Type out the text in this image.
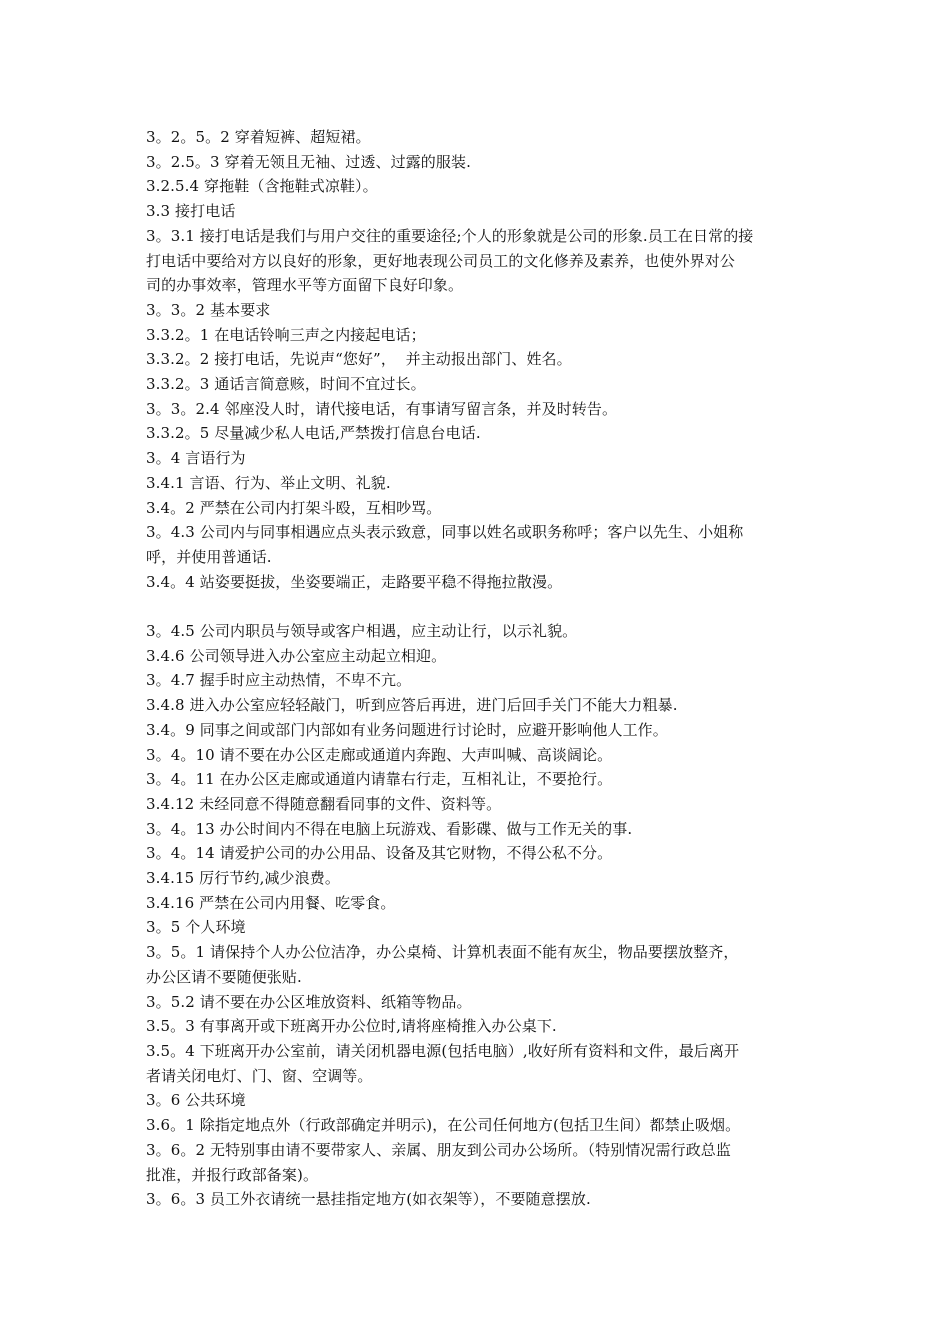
3。2。5。2 穿着短裤、超短裙。
3。2.5。3 穿着无领且无袖、过透、过露的服装.
3.2.5.4 穿拖鞋（含拖鞋式凉鞋）。
3.3 接打电话
3。3.1 接打电话是我们与用户交往的重要途径;个人的形象就是公司的形象.员工在日常的接
打电话中要给对方以良好的形象，更好地表现公司员工的文化修养及素养，也使外界对公
司的办事效率，管理水平等方面留下良好印象。
3。3。2 基本要求
3.3.2。1 在电话铃响三声之内接起电话；
3.3.2。2 接打电话，先说声“您好”，  并主动报出部门、姓名。
3.3.2。3 通话言简意赅，时间不宜过长。
3。3。2.4 邻座没人时，请代接电话，有事请写留言条，并及时转告。
3.3.2。5 尽量减少私人电话,严禁拨打信息台电话.
3。4 言语行为
3.4.1 言语、行为、举止文明、礼貌.
3.4。2 严禁在公司内打架斗殴，互相吵骂。
3。4.3 公司内与同事相遇应点头表示致意，同事以姓名或职务称呼；客户以先生、小姐称
呼，并使用普通话.
3.4。4 站姿要挺拔，坐姿要端正，走路要平稳不得拖拉散漫。
3。4.5 公司内职员与领导或客户相遇，应主动让行，以示礼貌。
3.4.6 公司领导进入办公室应主动起立相迎。
3。4.7 握手时应主动热情，不卑不亢。
3.4.8 进入办公室应轻轻敲门，听到应答后再进，进门后回手关门不能大力粗暴.
3.4。9 同事之间或部门内部如有业务问题进行讨论时，应避开影响他人工作。
3。4。10 请不要在办公区走廊或通道内奔跑、大声叫喊、高谈阔论。
3。4。11 在办公区走廊或通道内请靠右行走，互相礼让，不要抢行。
3.4.12 未经同意不得随意翻看同事的文件、资料等。
3。4。13 办公时间内不得在电脑上玩游戏、看影碟、做与工作无关的事.
3。4。14 请爱护公司的办公用品、设备及其它财物，不得公私不分。
3.4.15 厉行节约,减少浪费。
3.4.16 严禁在公司内用餐、吃零食。
3。5 个人环境
3。5。1 请保持个人办公位洁净，办公桌椅、计算机表面不能有灰尘，物品要摆放整齐，
办公区请不要随便张贴.
3。5.2 请不要在办公区堆放资料、纸箱等物品。
3.5。3 有事离开或下班离开办公位时,请将座椅推入办公桌下.
3.5。4 下班离开办公室前，请关闭机器电源(包括电脑）,收好所有资料和文件，最后离开
者请关闭电灯、门、窗、空调等。
3。6 公共环境
3.6。1 除指定地点外（行政部确定并明示)，在公司任何地方(包括卫生间）都禁止吸烟。
3。6。2 无特别事由请不要带家人、亲属、朋友到公司办公场所。（特别情况需行政总监
批准，并报行政部备案)。
3。6。3 员工外衣请统一悬挂指定地方(如衣架等），不要随意摆放.
